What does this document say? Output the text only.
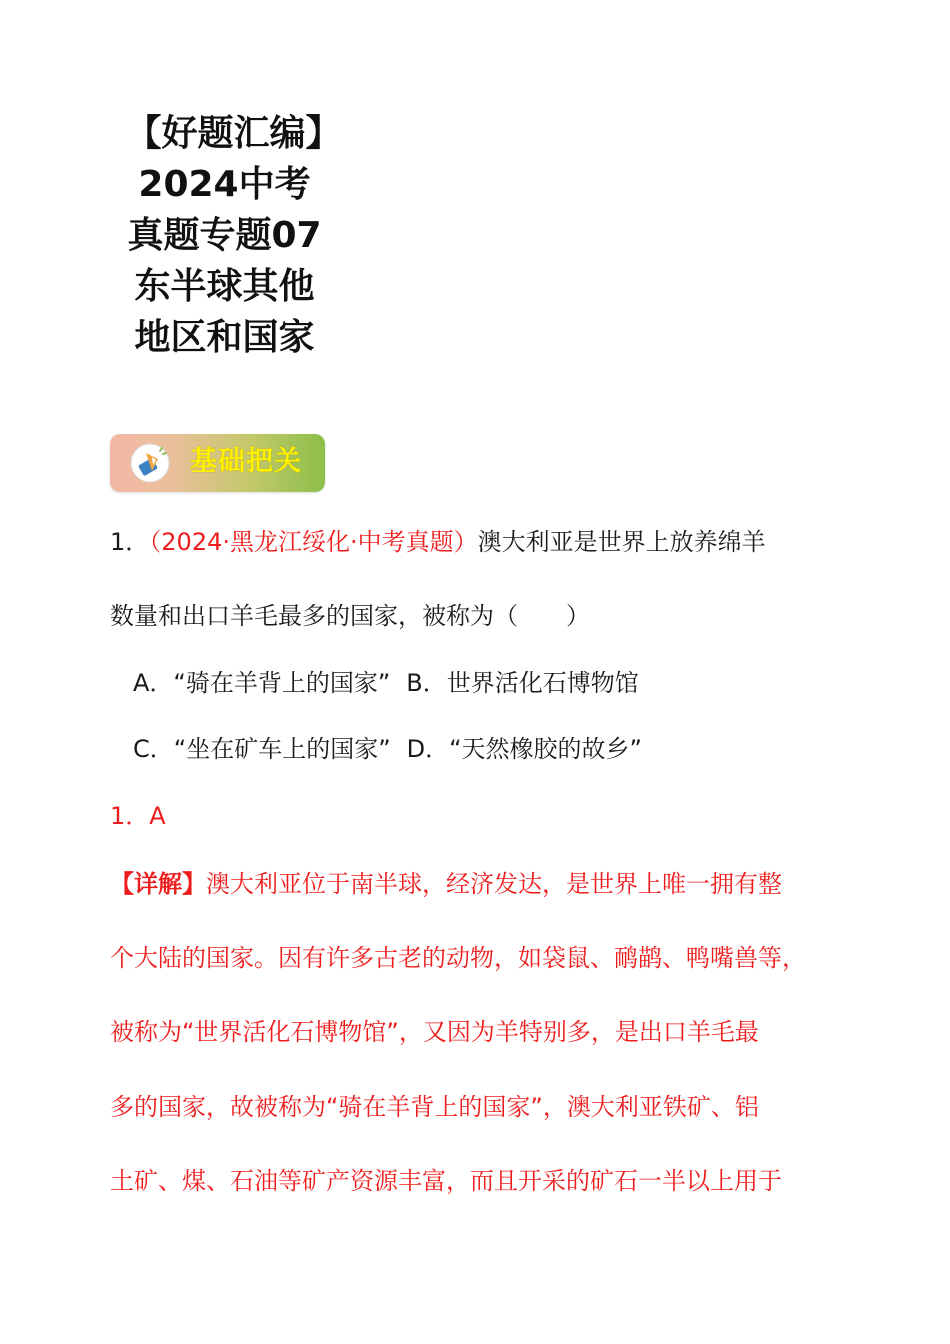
【好题汇编】2024中考真题专题07东半球其他地区和国家
基础把关
1．（2024·黑龙江绥化·中考真题）澳大利亚是世界上放养绵羊
数量和出口羊毛最多的国家，被称为（　　）
A．“骑在羊背上的国家” B．世界活化石博物馆
C．“坐在矿车上的国家” D．“天然橡胶的故乡”
1．A
【详解】澳大利亚位于南半球，经济发达，是世界上唯一拥有整
个大陆的国家。因有许多古老的动物，如袋鼠、鸸鹋、鸭嘴兽等，
被称为“世界活化石博物馆”，又因为羊特别多，是出口羊毛最
多的国家，故被称为“骑在羊背上的国家”，澳大利亚铁矿、铝
土矿、煤、石油等矿产资源丰富，而且开采的矿石一半以上用于
